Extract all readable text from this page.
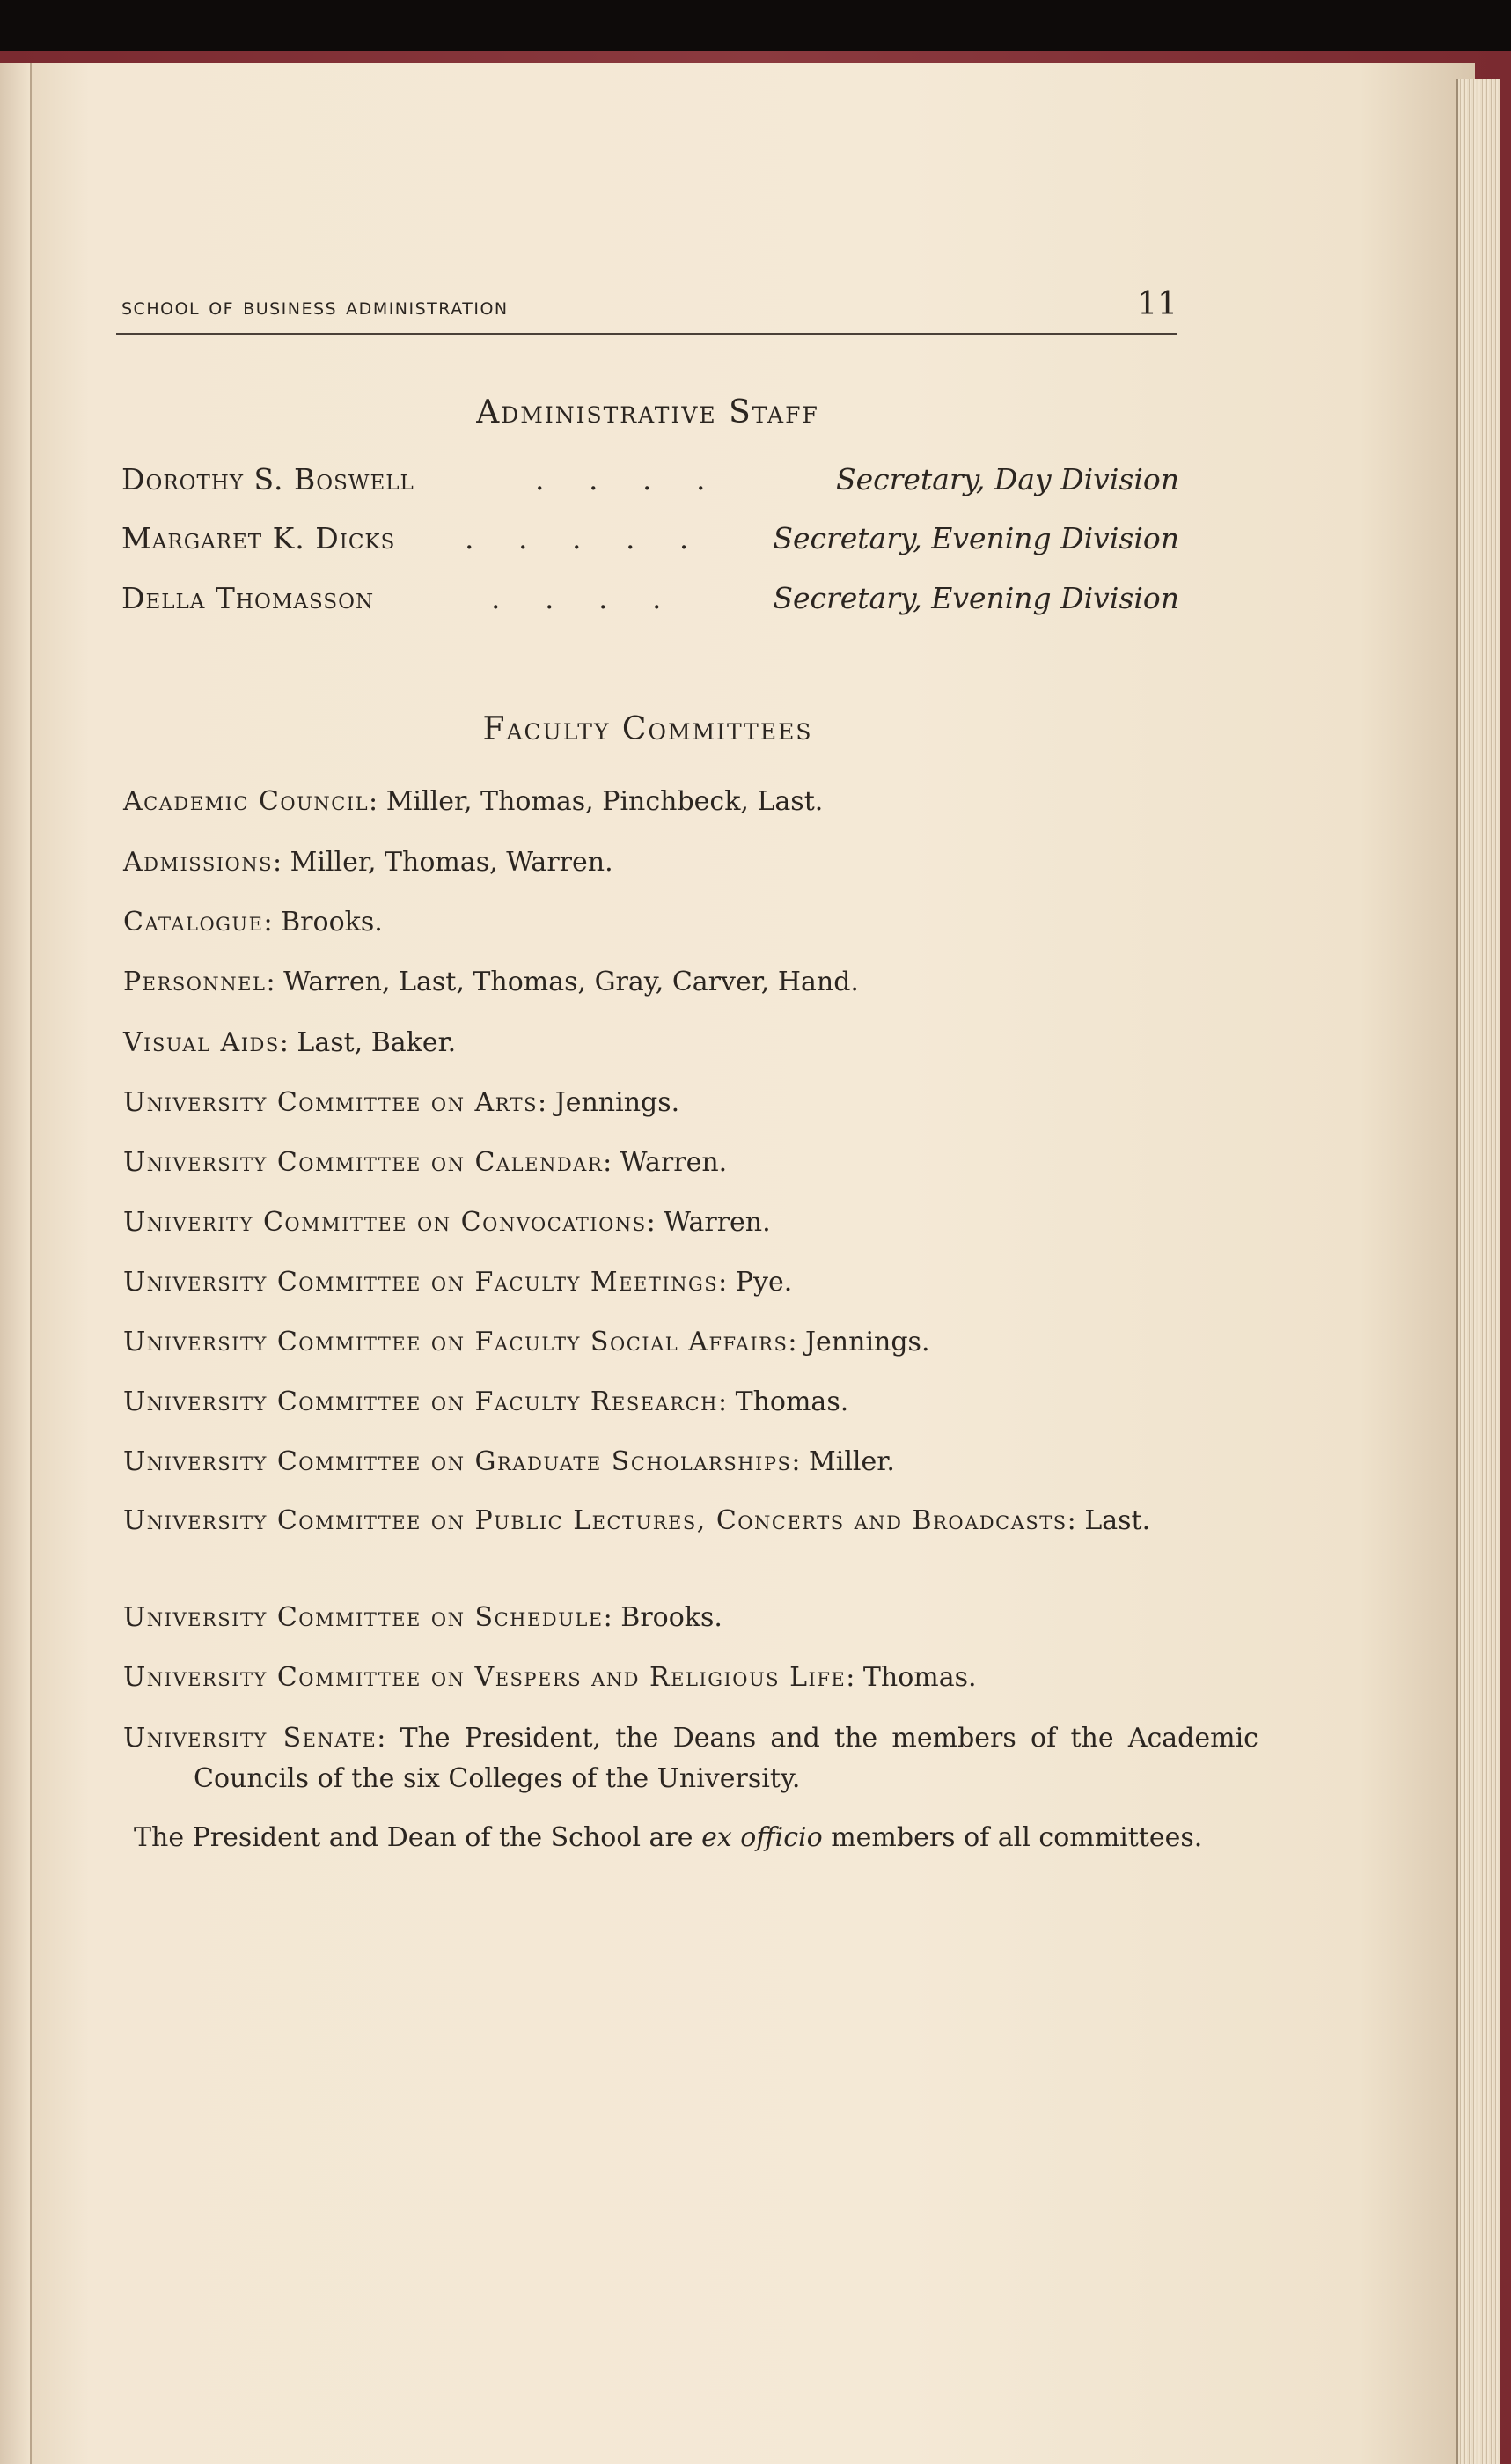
school of business administration	11
Administrative Staff
Dorothy S. Boswell	. . . .	Secretary, Day Division
Margaret K. Dicks . . . . . Secretary, Evening Division
Della Thomasson	. . . .	Secretary, Evening Division
Faculty Committees
Academic Council: Miller, Thomas, Pinchbeck, Last.
Admissions: Miller, Thomas, Warren.
Catalogue: Brooks.
Personnel: Warren, Last, Thomas, Gray, Carver, Hand.
Visual Aids: Last, Baker.
University Committee on Arts: Jennings.
University Committee on Calendar: Warren.
Univerity Committee on Convocations: Warren.
University Committee on Faculty Meetings: Pye.
University Committee on Faculty Social Affairs: Jennings.
University Committee on Faculty Research: Thomas.
University Committee on Graduate Scholarships: Miller.
University Committee on Public Lectures, Concerts and Broadcasts: Last.
University Committee on Schedule: Brooks.
University Committee on Vespers and Religious Life: Thomas.
University Senate: The President, the Deans and the members of the Academic Councils of the six Colleges of the University.
The President and Dean of the School are ex officio members of all committees.
